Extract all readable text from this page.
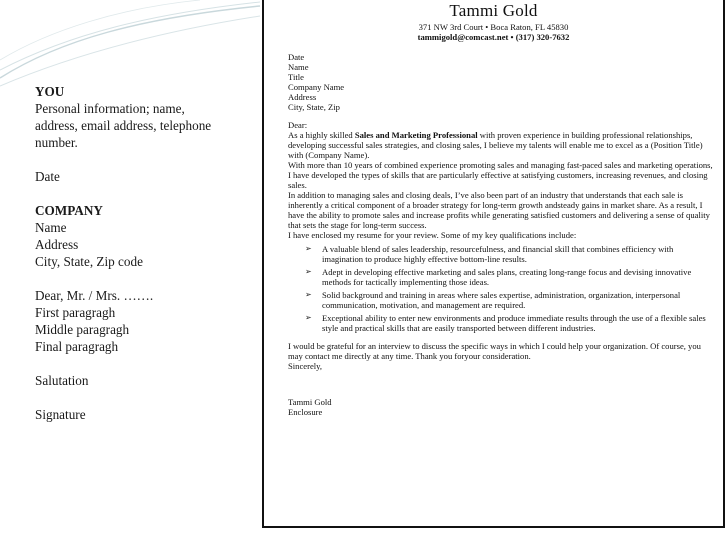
YOU
Personal information; name,
address, email address, telephone
number.
Date
COMPANY
Name
Address
City, State, Zip code
Dear, Mr. / Mrs. …….
First paragragh
Middle paragragh
Final paragragh
Salutation
Signature
Tammi Gold
371 NW 3rd Court • Boca Raton, FL 45830
tammigold@comcast.net • (317) 320-7632
Date
Name
Title
Company Name
Address
City, State, Zip

Dear:

As a highly skilled Sales and Marketing Professional with proven experience in building professional relationships, developing successful sales strategies, and closing sales, I believe my talents will enable me to excel as a (Position Title) with (Company Name).

With more than 10 years of combined experience promoting sales and managing fast-paced sales and marketing operations, I have developed the types of skills that are particularly effective at satisfying customers, increasing revenues, and closing sales.

In addition to managing sales and closing deals, I’ve also been part of an industry that understands that each sale is inherently a critical component of a broader strategy for long-term growth andsteady gains in market share. As a result, I have the ability to promote sales and increase profits while generating satisfied customers and delivering a sense of quality that sets the stage for long-term success.

I have enclosed my resume for your review. Some of my key qualifications include:

➢ A valuable blend of sales leadership, resourcefulness, and financial skill that combines efficiency with imagination to produce highly effective bottom-line results.
➢ Adept in developing effective marketing and sales plans, creating long-range focus and devising innovative methods for tactically implementing those ideas.
➢ Solid background and training in areas where sales expertise, administration, organization, interpersonal communication, motivation, and management are required.
➢ Exceptional ability to enter new environments and produce immediate results through the use of a flexible sales style and practical skills that are easily transported between different industries.

I would be grateful for an interview to discuss the specific ways in which I could help your organization. Of course, you may contact me directly at any time. Thank you foryour consideration.

Sincerely,

Tammi Gold

Enclosure
